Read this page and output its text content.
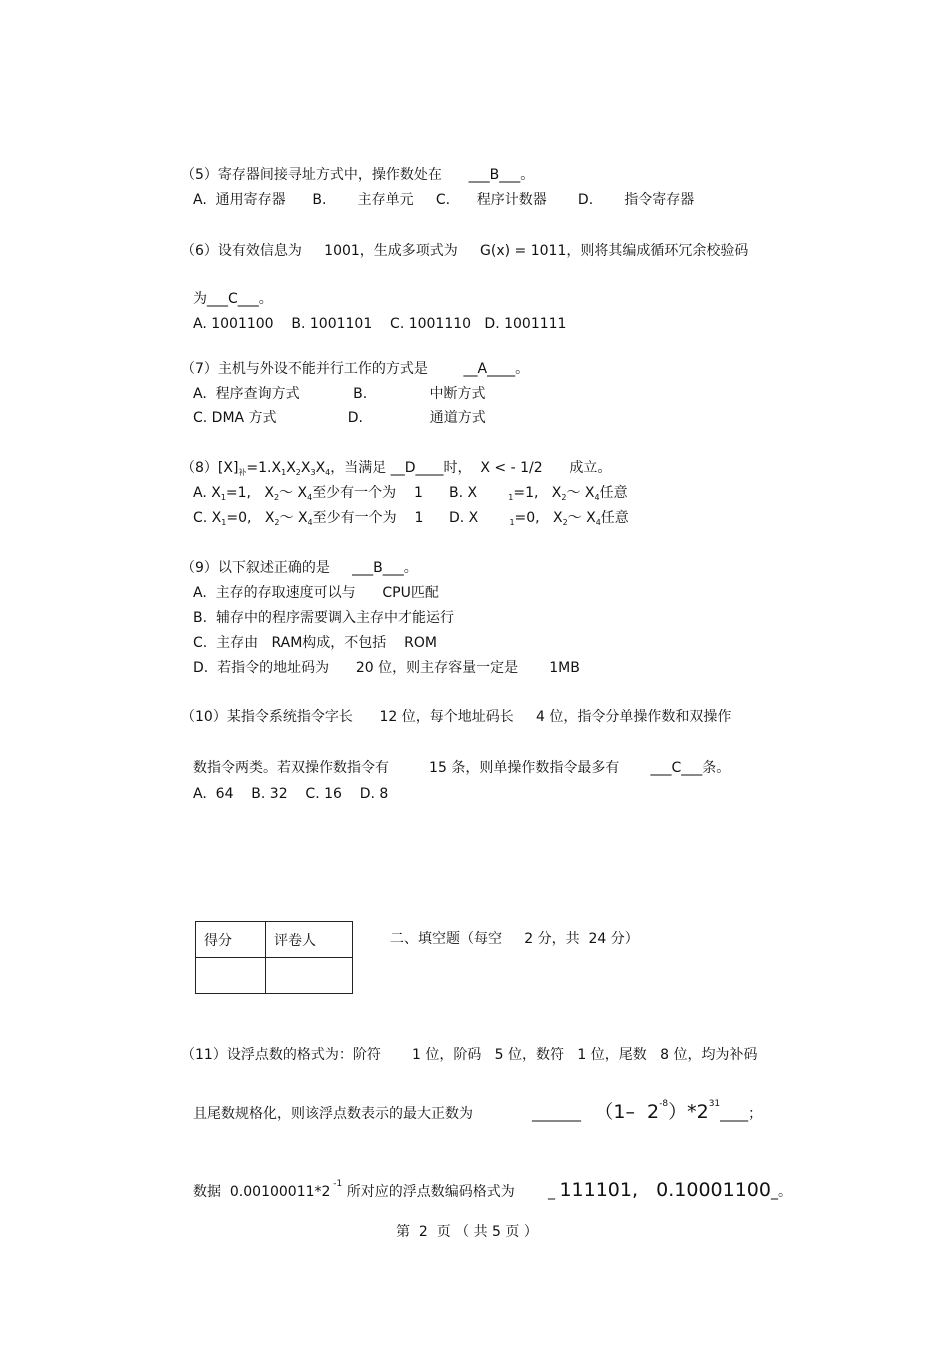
（5）寄存器间接寻址方式中，操作数处在      ___B___。
A.  通用寄存器      B.       主存单元     C.      程序计数器       D.       指令寄存器
（6）设有效信息为     1001，生成多项式为     G(x) = 1011，则将其编成循环冗余校验码
为___C___。
A. 1001100    B. 1001101    C. 1001110   D. 1001111
（7）主机与外设不能并行工作的方式是        __A____。
A.  程序查询方式            B.              中断方式
C. DMA 方式                D.               通道方式
$(8)[X]_补=1.X_1X_2X_3X_4$，当满足 __D____时，  X < - 1/2      成立。
A. $X_1=1$,   $X_2\sim$ $X_4$至少有一个为    1 B. X	$_1$=1,   $X_2\sim$ $X_4$任意
C. $X_1=0$,   $X_2\sim$ $X_4$至少有一个为    1 D. X	$_1$=0,   $X_2\sim$ $X_4$任意
（9）以下叙述正确的是     ___B___。
A.  主存的存取速度可以与      CPU匹配
B.  辅存中的程序需要调入主存中才能运行
C.  主存由   RAM构成，不包括    ROM
D.  若指令的地址码为      20 位，则主存容量一定是       1MB
（10）某指令系统指令字长      12 位，每个地址码长     4 位，指令分单操作数和双操作
数指令两类。若双操作数指令有         15 条，则单操作数指令最多有       ___C___条。
A.  64    B. 32    C. 16    D. 8
得分	评卷人
		二、填空题（每空     2 分，共  24 分）
（11）设浮点数的格式为：阶符       1 位，阶码   5 位，数符   1 位，尾数   8 位，均为补码
且尾数规格化，则该浮点数表示的最大正数为	_______   （1–  $2^{-8})*2^{31}\_\_\_\_$；
数据  0.00100011*2 $^{-1}$ 所对应的浮点数编码格式为 _ 111101,   0.10001100_。
第  2  页 （ 共 5 页 ）
